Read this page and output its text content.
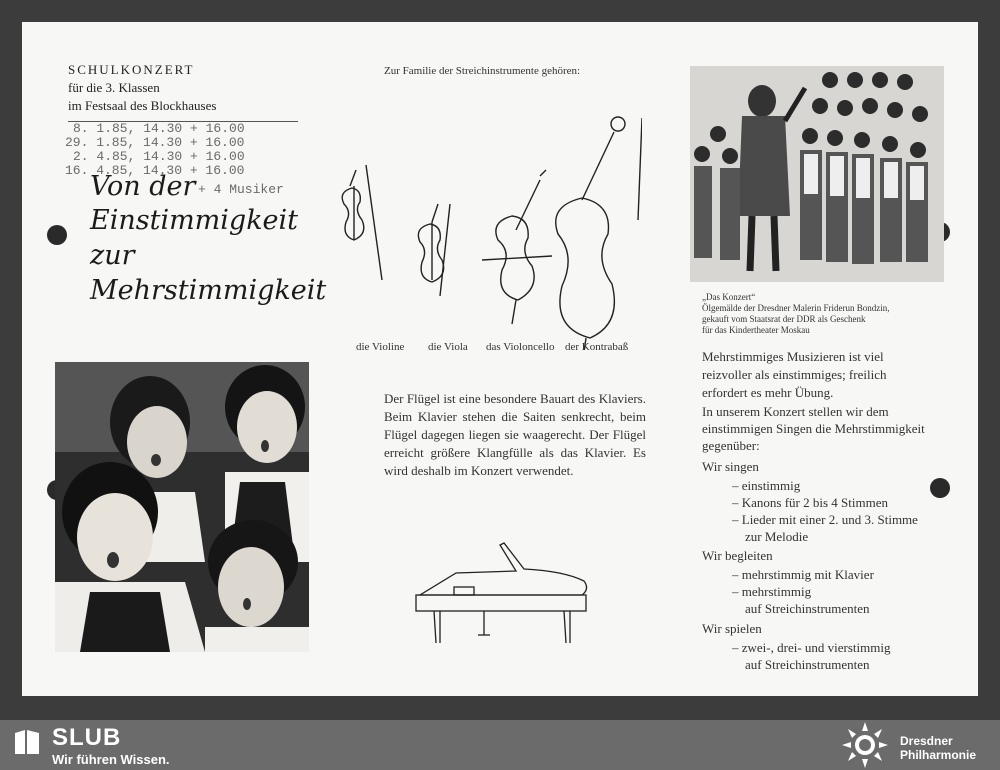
SCHULKONZERT
für die 3. Klassen
im Festsaal des Blockhauses
8. 1.85, 14.30 + 16.00
29. 1.85, 14.30 + 16.00
2. 4.85, 14.30 + 16.00
16. 4.85, 14.30 + 16.00
+ 4 Musiker
Von der
Einstimmigkeit
zur
Mehrstimmigkeit
Zur Familie der Streichinstrumente gehören:
die Violine die Viola das Violoncello der Kontrabaß
Der Flügel ist eine besondere Bauart des Klaviers. Beim Klavier stehen die Saiten senkrecht, beim Flügel dagegen liegen sie waagerecht. Der Flügel erreicht größere Klangfülle als das Klavier. Es wird deshalb im Konzert verwendet.
„Das Konzert“
Ölgemälde der Dresdner Malerin Friderun Bondzin,
gekauft vom Staatsrat der DDR als Geschenk
für das Kindertheater Moskau
Mehrstimmiges Musizieren ist viel reizvoller als einstimmiges; freilich erfordert es mehr Übung.
In unserem Konzert stellen wir dem einstimmigen Singen die Mehrstimmigkeit gegenüber:
Wir singen
– einstimmig
– Kanons für 2 bis 4 Stimmen
– Lieder mit einer 2. und 3. Stimme
zur Melodie
Wir begleiten
– mehrstimmig mit Klavier
– mehrstimmig
auf Streichinstrumenten
Wir spielen
– zwei-, drei- und vierstimmig
auf Streichinstrumenten
SLUB
Wir führen Wissen.
Dresdner
Philharmonie
